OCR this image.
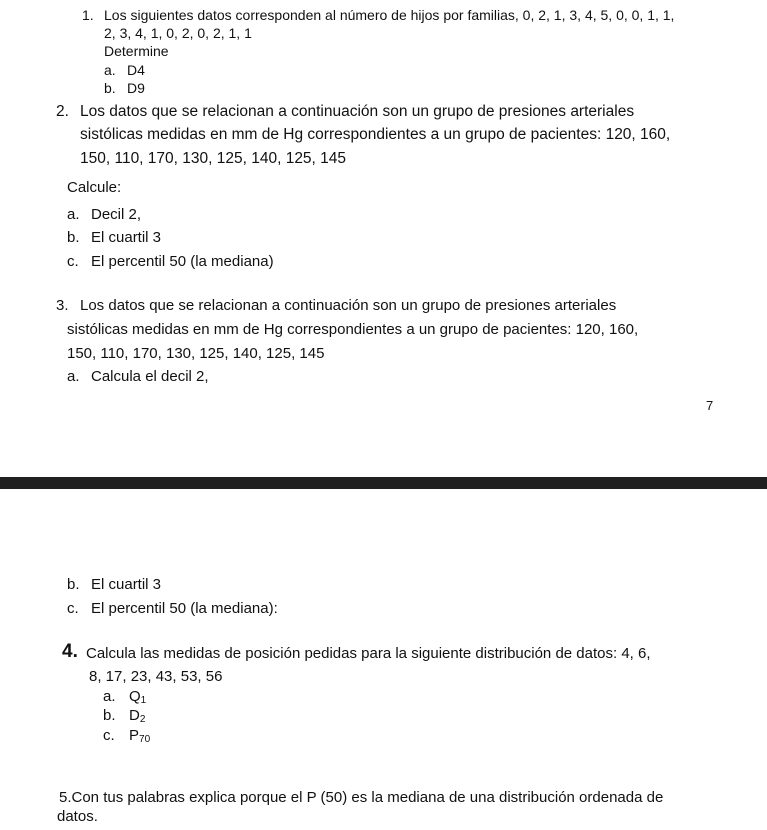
1. Los siguientes datos corresponden al número de hijos por familias, 0, 2, 1, 3, 4, 5, 0, 0, 1, 1,
2, 3, 4, 1, 0, 2, 0, 2, 1, 1
Determine
a. D4
b. D9
2. Los datos que se relacionan a continuación son un grupo de presiones arteriales
sistólicas medidas en mm de Hg correspondientes a un grupo de pacientes: 120, 160,
150, 110, 170, 130, 125, 140, 125, 145
Calcule:
a. Decil 2,
b. El cuartil 3
c. El percentil 50 (la mediana)
3. Los datos que se relacionan a continuación son un grupo de presiones arteriales
sistólicas medidas en mm de Hg correspondientes a un grupo de pacientes: 120, 160,
150, 110, 170, 130, 125, 140, 125, 145
a. Calcula el decil 2,
7
b. El cuartil 3
c. El percentil 50 (la mediana):
4. Calcula las medidas de posición pedidas para la siguiente distribución de datos: 4, 6,
8, 17, 23, 43, 53, 56
a. $Q_1$
b. $D_2$
c. $P_{70}$
5.Con tus palabras explica porque el P (50) es la mediana de una distribución ordenada de
datos.
